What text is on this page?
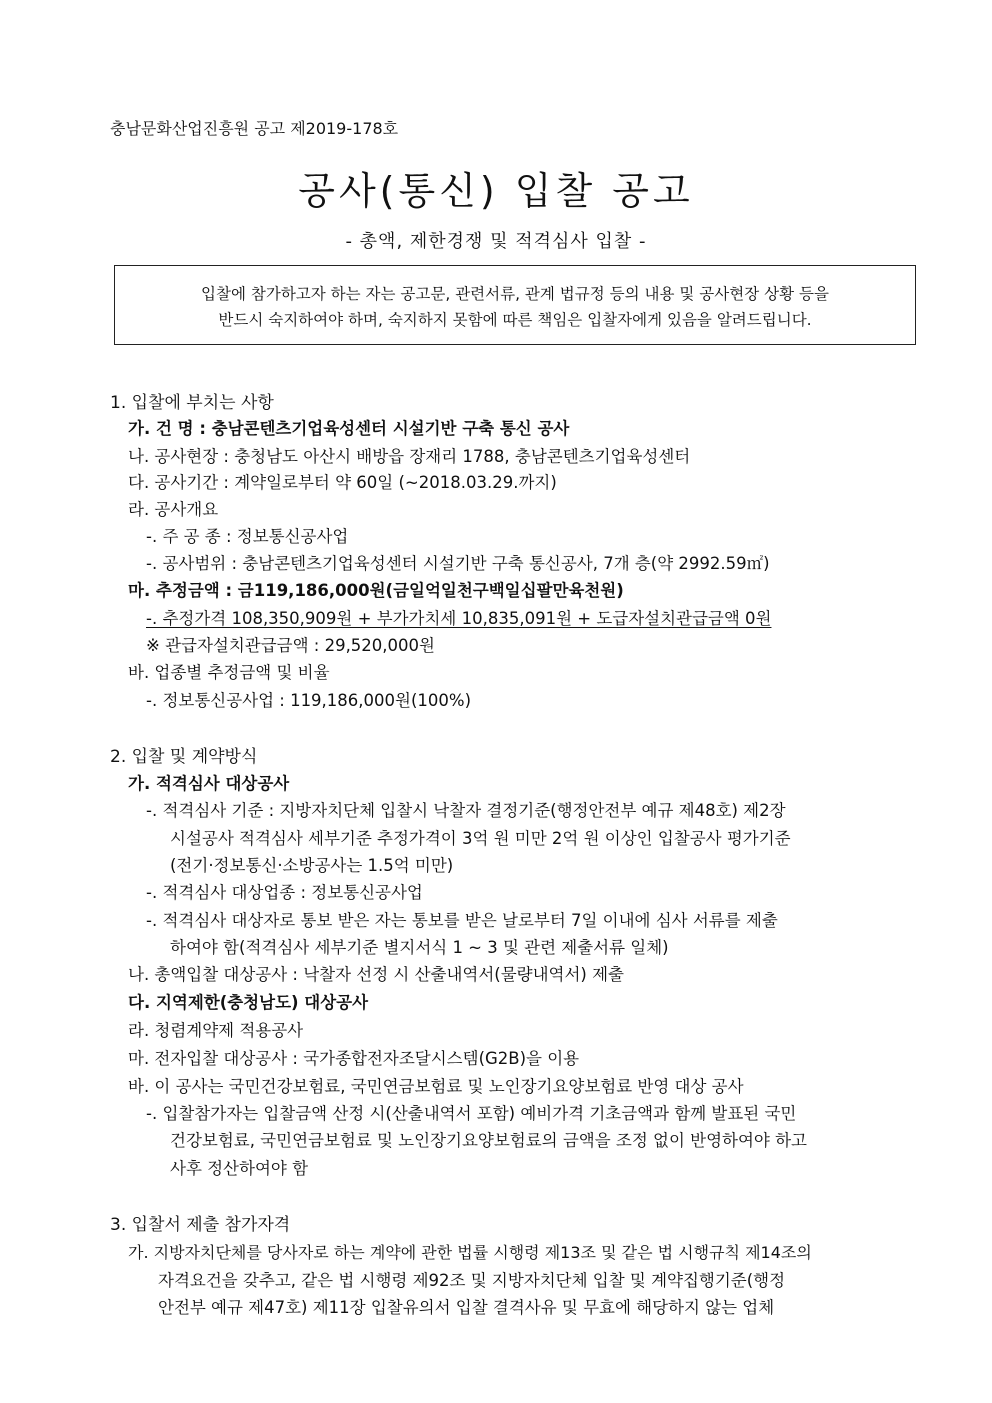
충남문화산업진흥원 공고 제2019-178호
공사(통신) 입찰 공고
- 총액, 제한경쟁 및 적격심사 입찰 -
입찰에 참가하고자 하는 자는 공고문, 관련서류, 관계 법규정 등의 내용 및 공사현장 상황 등을
반드시 숙지하여야 하며, 숙지하지 못함에 따른 책임은 입찰자에게 있음을 알려드립니다.
1. 입찰에 부치는 사항
가. 건 명 : 충남콘텐츠기업육성센터 시설기반 구축 통신 공사
나. 공사현장 : 충청남도 아산시 배방읍 장재리 1788, 충남콘텐츠기업육성센터
다. 공사기간 : 계약일로부터 약 60일 (~2018.03.29.까지)
라. 공사개요
-. 주 공 종 : 정보통신공사업
-. 공사범위 : 충남콘텐츠기업육성센터 시설기반 구축 통신공사, 7개 층(약 2992.59㎡)
마. 추정금액 : 금119,186,000원(금일억일천구백일십팔만육천원)
-. 추정가격 108,350,909원 + 부가가치세 10,835,091원 + 도급자설치관급금액 0원
※ 관급자설치관급금액 : 29,520,000원
바. 업종별 추정금액 및 비율
-. 정보통신공사업 : 119,186,000원(100%)
2. 입찰 및 계약방식
가. 적격심사 대상공사
-. 적격심사 기준 : 지방자치단체 입찰시 낙찰자 결정기준(행정안전부 예규 제48호) 제2장
시설공사 적격심사 세부기준 추정가격이 3억 원 미만 2억 원 이상인 입찰공사 평가기준
(전기·정보통신·소방공사는 1.5억 미만)
-. 적격심사 대상업종 : 정보통신공사업
-. 적격심사 대상자로 통보 받은 자는 통보를 받은 날로부터 7일 이내에 심사 서류를 제출
하여야 함(적격심사 세부기준 별지서식 1 ~ 3 및 관련 제출서류 일체)
나. 총액입찰 대상공사 : 낙찰자 선정 시 산출내역서(물량내역서) 제출
다. 지역제한(충청남도) 대상공사
라. 청렴계약제 적용공사
마. 전자입찰 대상공사 : 국가종합전자조달시스템(G2B)을 이용
바. 이 공사는 국민건강보험료, 국민연금보험료 및 노인장기요양보험료 반영 대상 공사
-. 입찰참가자는 입찰금액 산정 시(산출내역서 포함) 예비가격 기초금액과 함께 발표된 국민
건강보험료, 국민연금보험료 및 노인장기요양보험료의 금액을 조정 없이 반영하여야 하고
사후 정산하여야 함
3. 입찰서 제출 참가자격
가. 지방자치단체를 당사자로 하는 계약에 관한 법률 시행령 제13조 및 같은 법 시행규칙 제14조의
자격요건을 갖추고, 같은 법 시행령 제92조 및 지방자치단체 입찰 및 계약집행기준(행정
안전부 예규 제47호) 제11장 입찰유의서 입찰 결격사유 및 무효에 해당하지 않는 업체
